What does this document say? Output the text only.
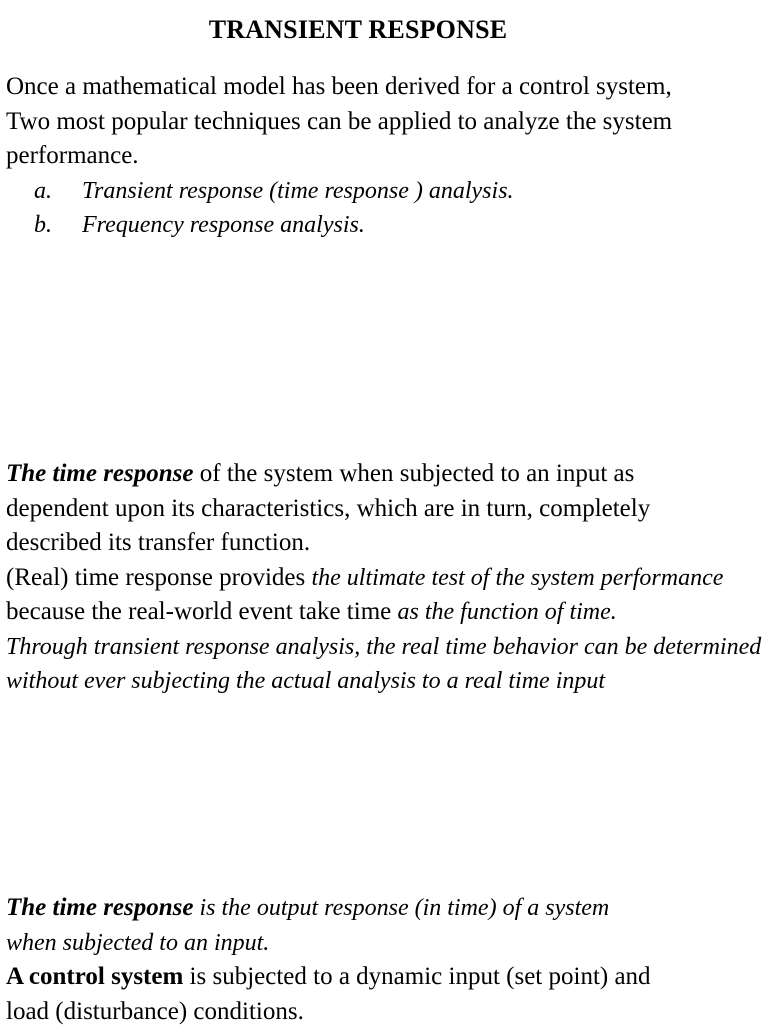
TRANSIENT RESPONSE
Once a mathematical model has been derived for a control system,
Two most popular techniques can be applied to analyze the system
performance.
a. Transient response (time response ) analysis.
b. Frequency response analysis.
The time response of the system when subjected to an input as
dependent upon its characteristics, which are in turn, completely
described its transfer function.
(Real) time response provides the ultimate test of the system performance
because the real-world event take time as the function of time.
Through transient response analysis, the real time behavior can be determined
without ever subjecting the actual analysis to a real time input
The time response is the output response (in time) of a system
when subjected to an input.
A control system is subjected to a dynamic input (set point) and
load (disturbance) conditions.
